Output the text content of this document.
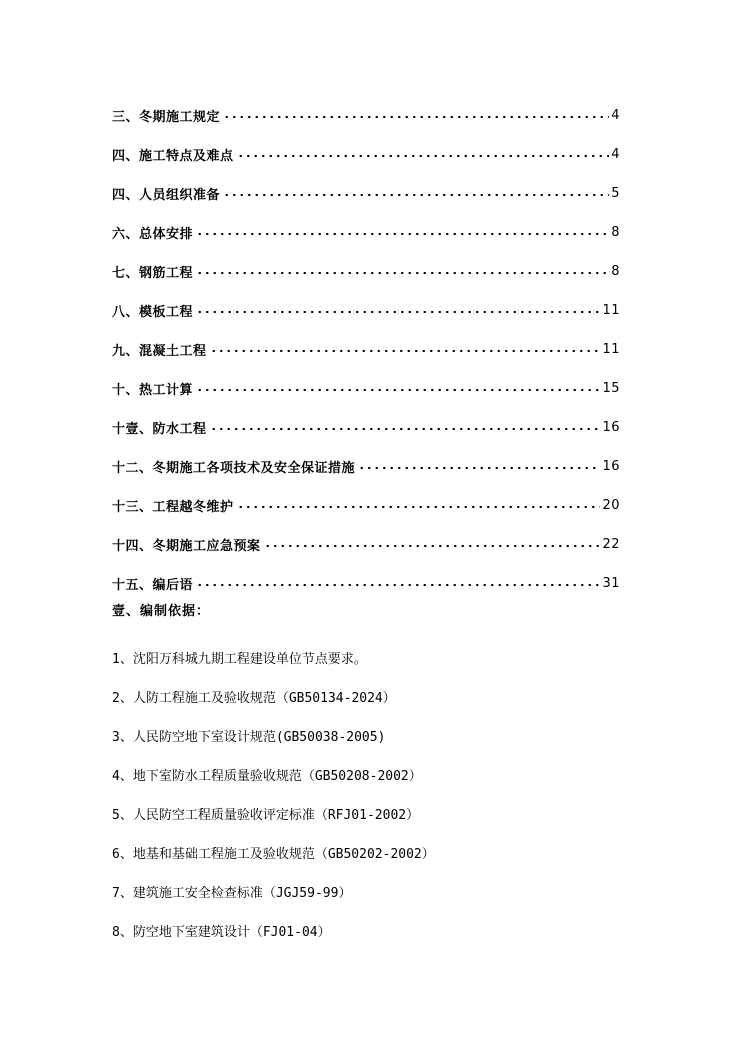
三、冬期施工规定	4
四、施工特点及难点	4
四、人员组织准备	5
六、总体安排	8
七、钢筋工程	8
八、模板工程	11
九、混凝土工程	11
十、热工计算	15
十壹、防水工程	16
十二、冬期施工各项技术及安全保证措施	16
十三、工程越冬维护	20
十四、冬期施工应急预案	22
十五、编后语	31
壹、编制依据：
1、沈阳万科城九期工程建设单位节点要求。
2、人防工程施工及验收规范（GB50134-2024）
3、人民防空地下室设计规范(GB50038-2005)
4、地下室防水工程质量验收规范（GB50208-2002）
5、人民防空工程质量验收评定标准（RFJ01-2002）
6、地基和基础工程施工及验收规范（GB50202-2002）
7、建筑施工安全检查标准（JGJ59-99）
8、防空地下室建筑设计（FJ01-04）
